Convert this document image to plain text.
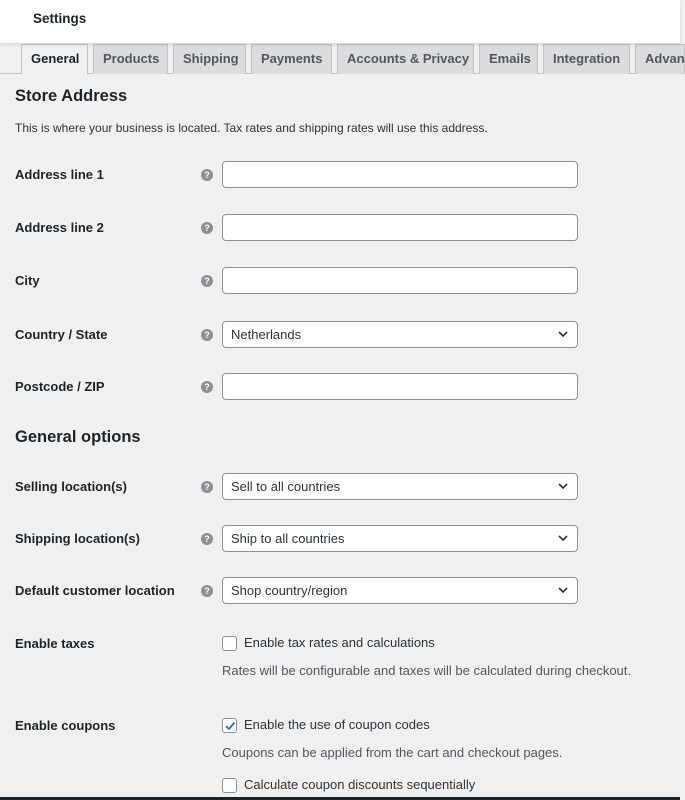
Settings
General	Products	Shipping	Payments	Accounts & Privacy	Emails	Integration	Advan
Store Address
This is where your business is located. Tax rates and shipping rates will use this address.
Address line 1	?
Address line 2	?
City	?
Country / State	?	Netherlands
Postcode / ZIP	?
General options
Selling location(s)	?	Sell to all countries
Shipping location(s)	?	Ship to all countries
Default customer location	?	Shop country/region
Enable taxes	Enable tax rates and calculations
Rates will be configurable and taxes will be calculated during checkout.
Enable coupons	Enable the use of coupon codes
Coupons can be applied from the cart and checkout pages.
Calculate coupon discounts sequentially
